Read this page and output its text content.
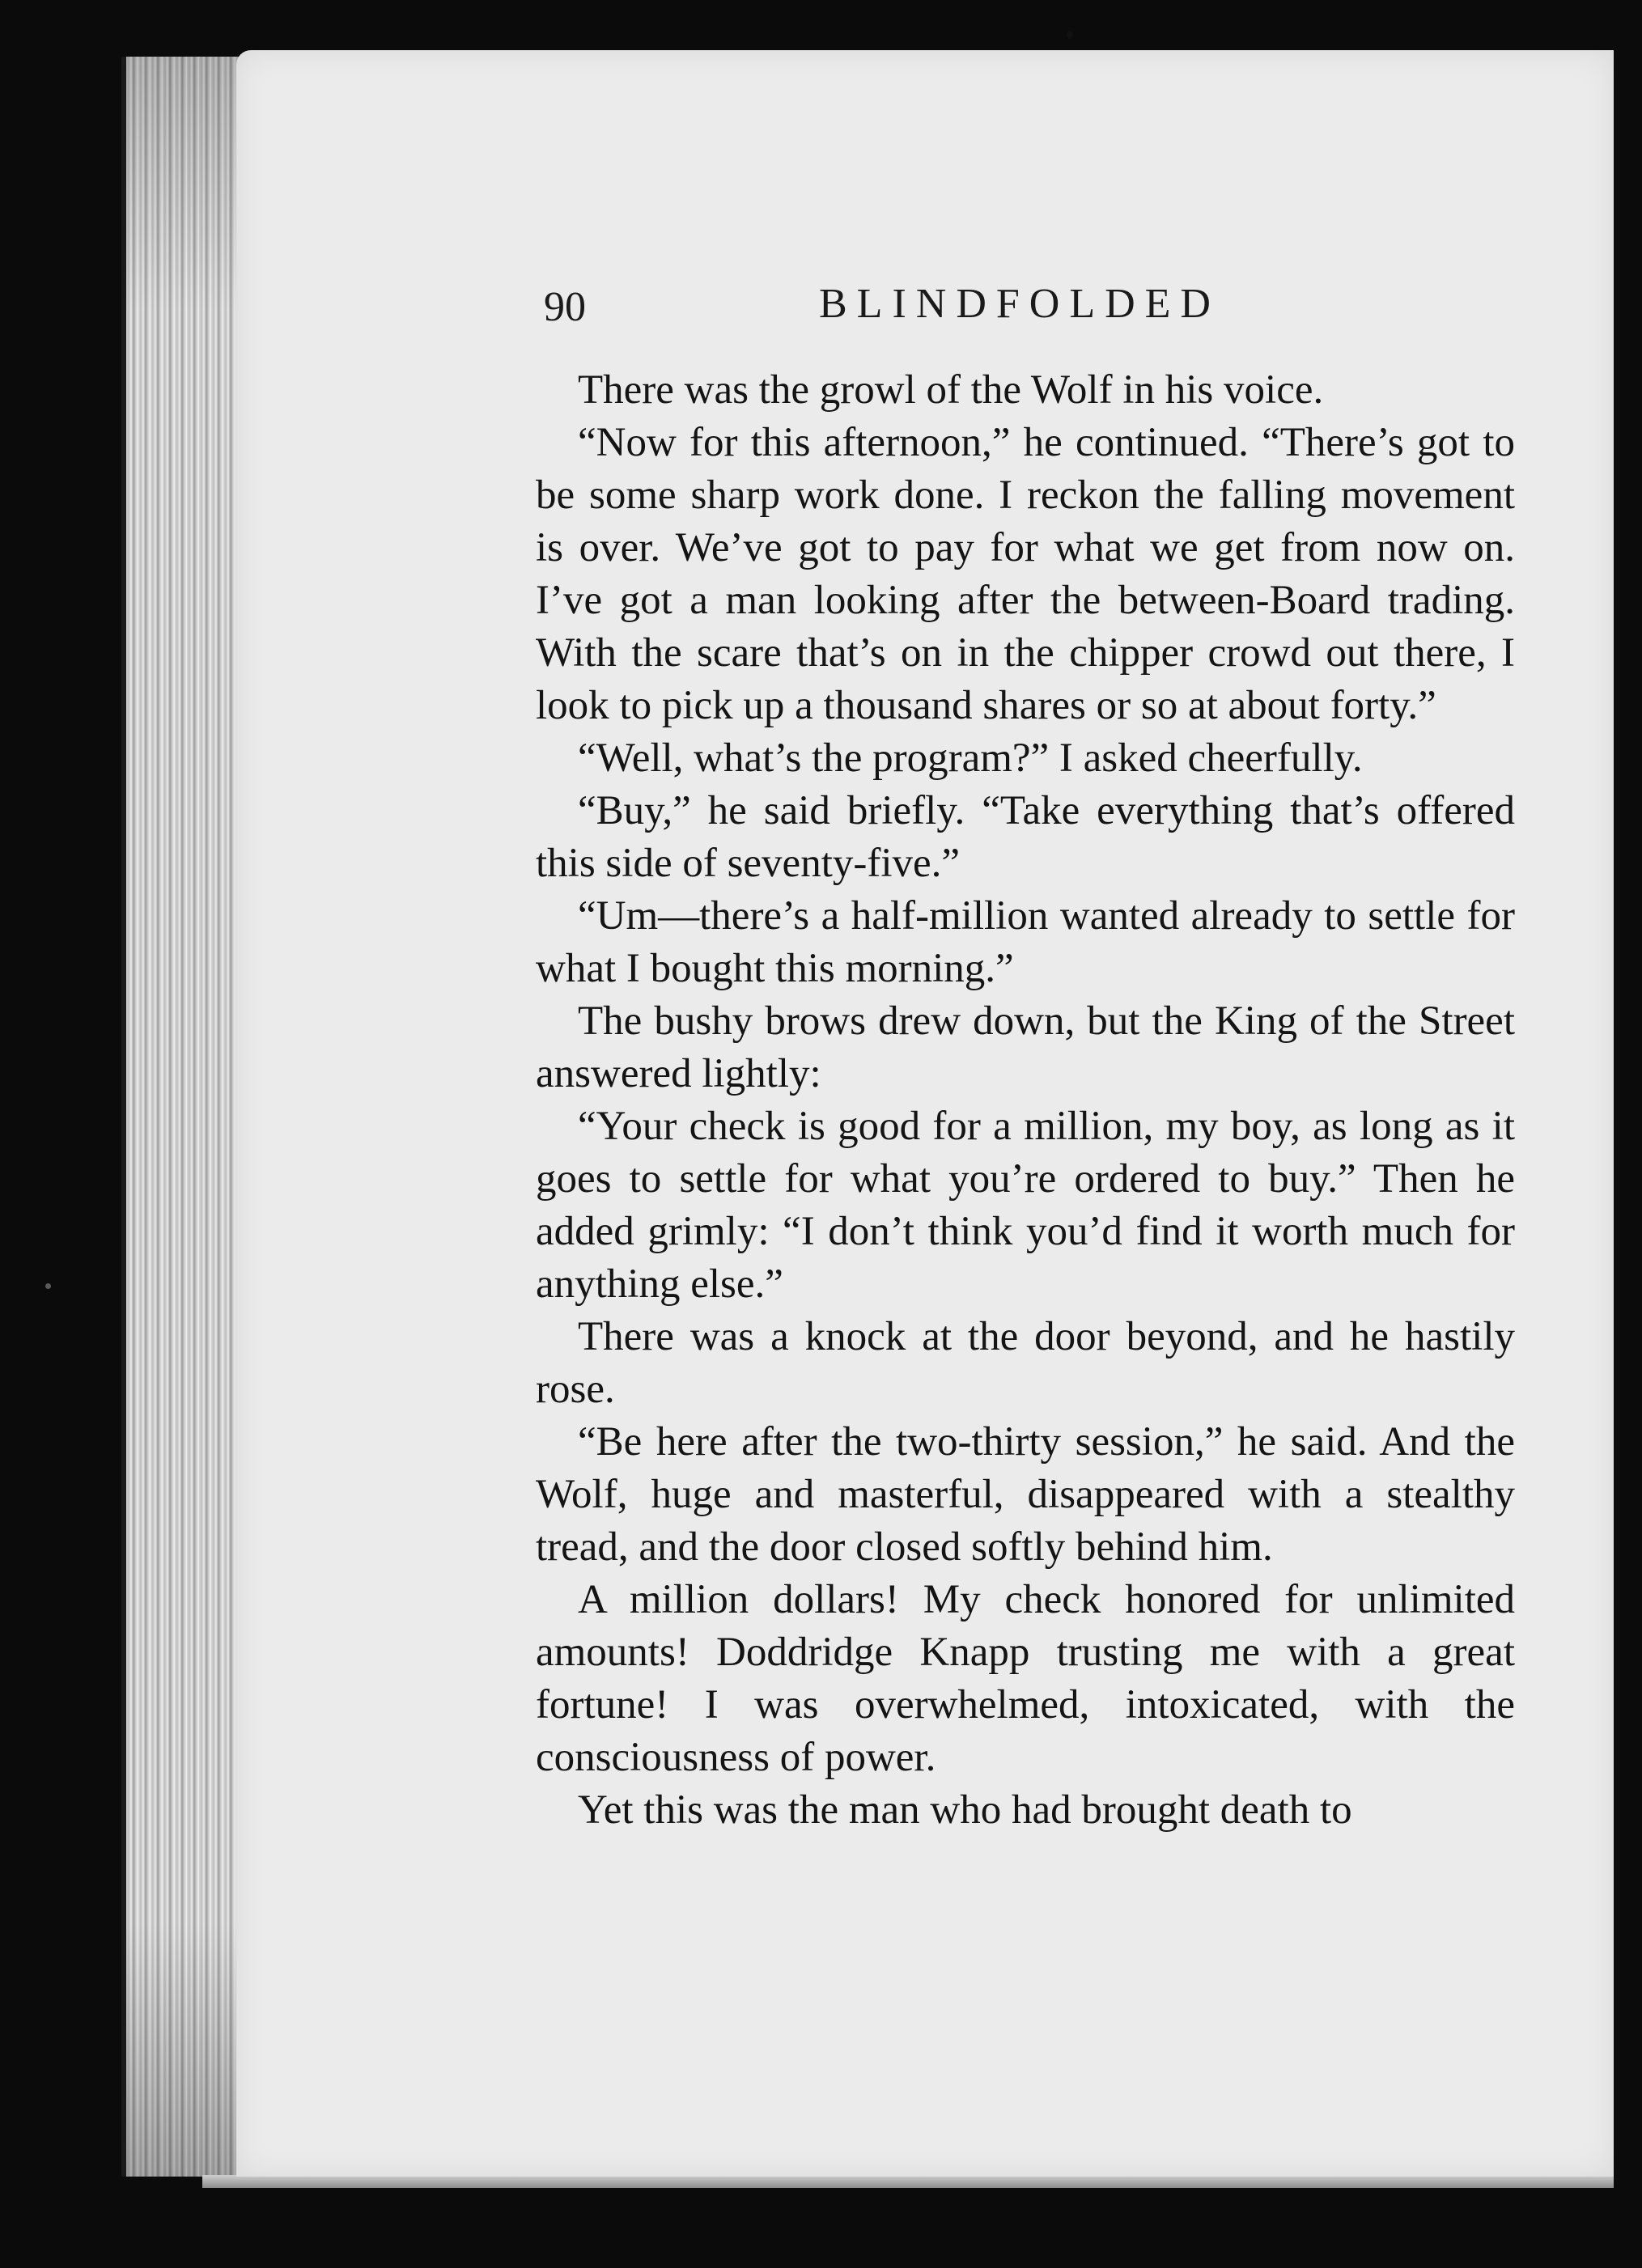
90	BLINDFOLDED

There was the growl of the Wolf in his voice.

“Now for this afternoon,” he continued. “There’s got to be some sharp work done. I reckon the falling movement is over. We’ve got to pay for what we get from now on. I’ve got a man looking after the between-Board trading. With the scare that’s on in the chipper crowd out there, I look to pick up a thousand shares or so at about forty.”

“Well, what’s the program?” I asked cheerfully.

“Buy,” he said briefly. “Take everything that’s offered this side of seventy-five.”

“Um—there’s a half-million wanted already to settle for what I bought this morning.”

The bushy brows drew down, but the King of the Street answered lightly:

“Your check is good for a million, my boy, as long as it goes to settle for what you’re ordered to buy.” Then he added grimly: “I don’t think you’d find it worth much for anything else.”

There was a knock at the door beyond, and he hastily rose.

“Be here after the two-thirty session,” he said. And the Wolf, huge and masterful, disappeared with a stealthy tread, and the door closed softly behind him.

A million dollars! My check honored for unlimited amounts! Doddridge Knapp trusting me with a great fortune! I was overwhelmed, intoxicated, with the consciousness of power.

Yet this was the man who had brought death to
